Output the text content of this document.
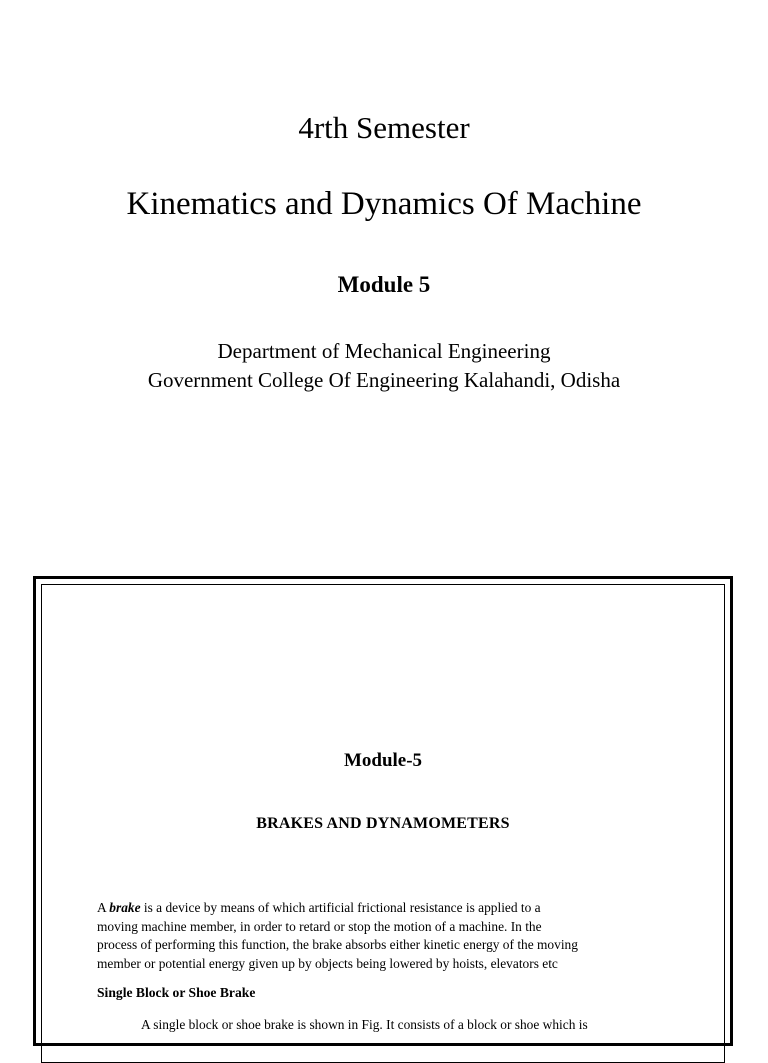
4rth Semester
Kinematics and Dynamics Of Machine
Module 5
Department of Mechanical Engineering
Government College Of Engineering Kalahandi, Odisha
Module-5
BRAKES AND DYNAMOMETERS
A brake is a device by means of which artificial frictional resistance is applied to a
moving machine member, in order to retard or stop the motion of a machine. In the
process of performing this function, the brake absorbs either kinetic energy of the moving
member or potential energy given up by objects being lowered by hoists, elevators etc
Single Block or Shoe Brake
A single block or shoe brake is shown in Fig. It consists of a block or shoe which is
